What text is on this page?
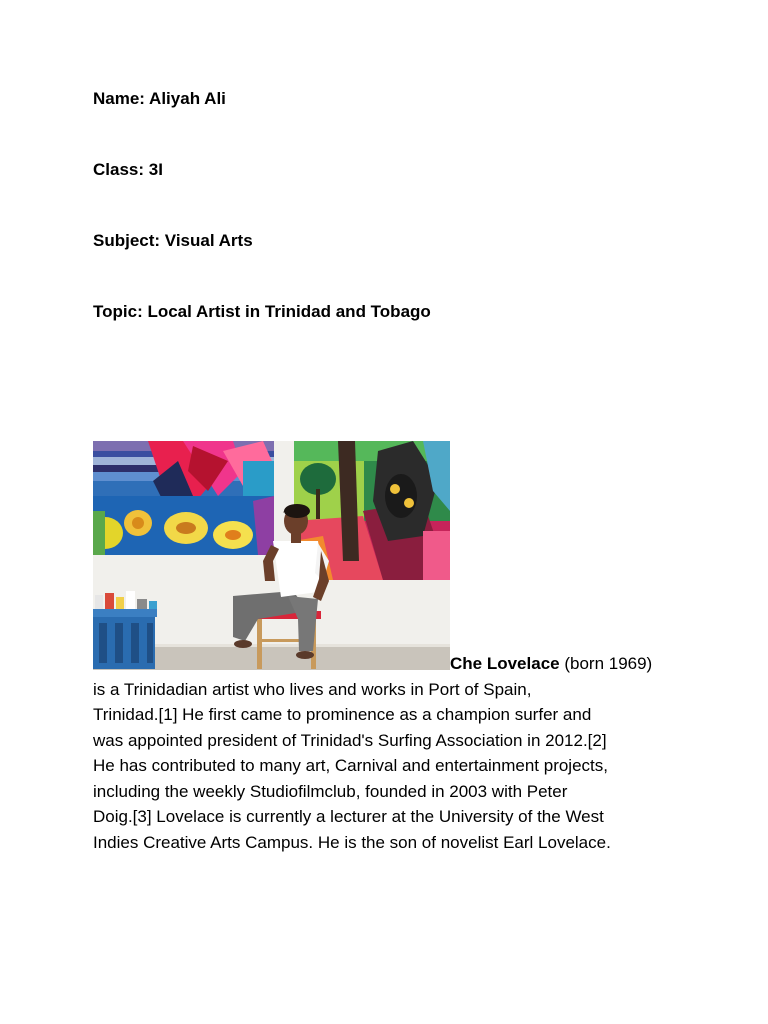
Name: Aliyah Ali

Class: 3I

Subject: Visual Arts

Topic: Local Artist in Trinidad and Tobago

Che Lovelace (born 1969)
is a Trinidadian artist who lives and works in Port of Spain,
Trinidad.[1] He first came to prominence as a champion surfer and
was appointed president of Trinidad's Surfing Association in 2012.[2]
He has contributed to many art, Carnival and entertainment projects,
including the weekly Studiofilmclub, founded in 2003 with Peter
Doig.[3] Lovelace is currently a lecturer at the University of the West
Indies Creative Arts Campus. He is the son of novelist Earl Lovelace.
